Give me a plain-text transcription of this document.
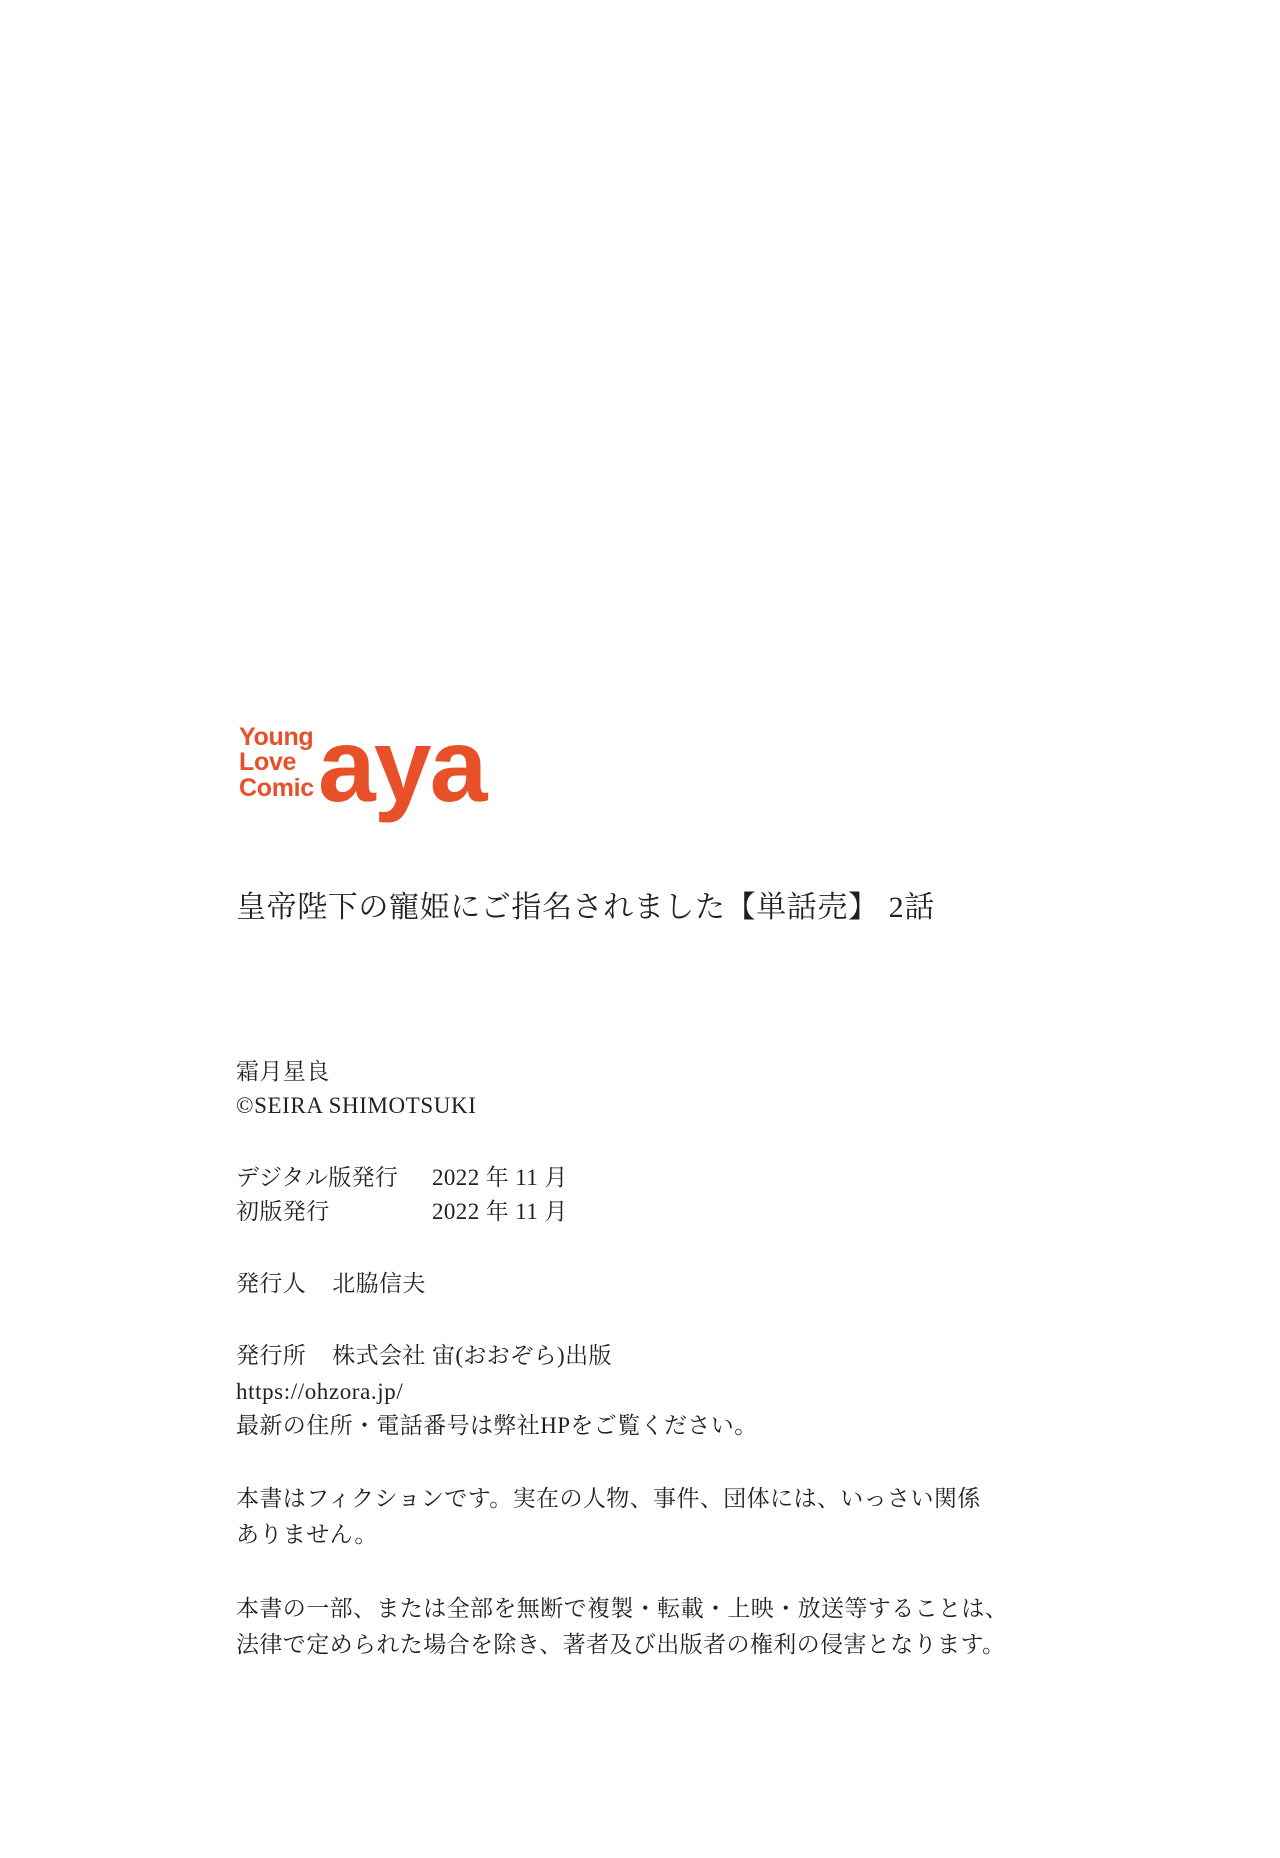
Young
Love
Comic aya
皇帝陛下の寵姫にご指名されました【単話売】 2話
霜月星良
©SEIRA SHIMOTSUKI
デジタル版発行	2022 年 11 月
初版発行	2022 年 11 月
発行人 北脇信夫
発行所 株式会社 宙(おおぞら)出版
https://ohzora.jp/
最新の住所・電話番号は弊社HPをご覧ください。
本書はフィクションです。実在の人物、事件、団体には、いっさい関係
ありません。
本書の一部、または全部を無断で複製・転載・上映・放送等することは、
法律で定められた場合を除き、著者及び出版者の権利の侵害となります。
